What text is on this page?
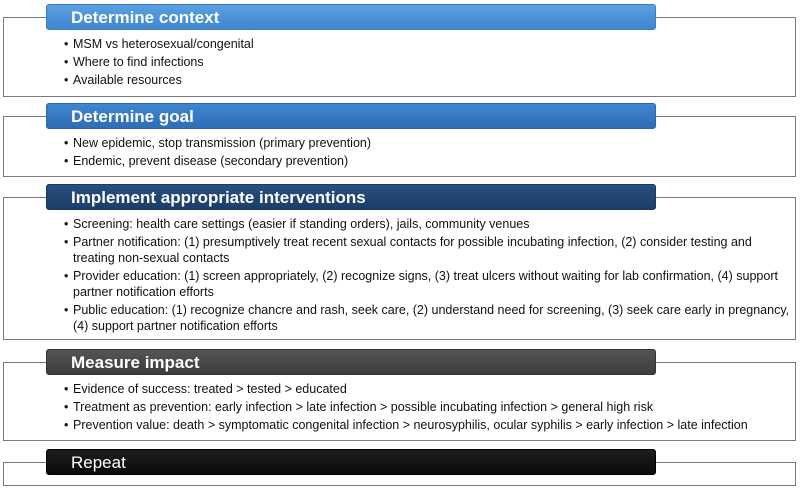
Determine context
• MSM vs heterosexual/congenital
• Where to find infections
• Available resources
Determine goal
• New epidemic, stop transmission (primary prevention)
• Endemic, prevent disease (secondary prevention)
Implement appropriate interventions
• Screening: health care settings (easier if standing orders), jails, community venues
• Partner notification: (1) presumptively treat recent sexual contacts for possible incubating infection, (2) consider testing and treating non-sexual contacts
• Provider education: (1) screen appropriately, (2) recognize signs, (3) treat ulcers without waiting for lab confirmation, (4) support partner notification efforts
• Public education: (1) recognize chancre and rash, seek care, (2) understand need for screening, (3) seek care early in pregnancy, (4) support partner notification efforts
Measure impact
• Evidence of success: treated > tested > educated
• Treatment as prevention: early infection > late infection > possible incubating infection > general high risk
• Prevention value: death > symptomatic congenital infection > neurosyphilis, ocular syphilis > early infection > late infection
Repeat
